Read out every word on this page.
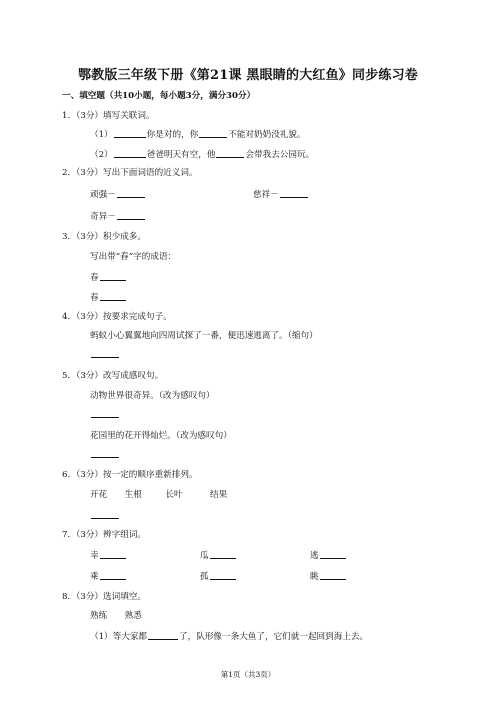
鄂教版三年级下册《第21课 黑眼睛的大红鱼》同步练习卷
一、填空题（共10小题，每小题3分，满分30分）
1．（3分）填写关联词。
（1）	你是对的，你	不能对奶奶没礼貌。
（2）	爸爸明天有空，他	会带我去公园玩。
2．（3分）写出下面词语的近义词。
顽强－	慈祥－
奇异－
3．（3分）积少成多。
写出带“春”字的成语：
春
春
4．（3分）按要求完成句子。
蚂蚁小心翼翼地向四周试探了一番，便迅速逃离了。（缩句）
5．（3分）改写成感叹句。
动物世界很奇异。（改为感叹句）
花园里的花开得灿烂。（改为感叹句）
6．（3分）按一定的顺序重新排列。
开花 生根	长叶	结果
7．（3分）辨字组词。
幸	瓜	逃
乘	孤	眺
8．（3分）选词填空。
熟练 熟悉
（1）等大家都	了，队形像一条大鱼了，它们就一起回到海上去。
第1页（共3页）
